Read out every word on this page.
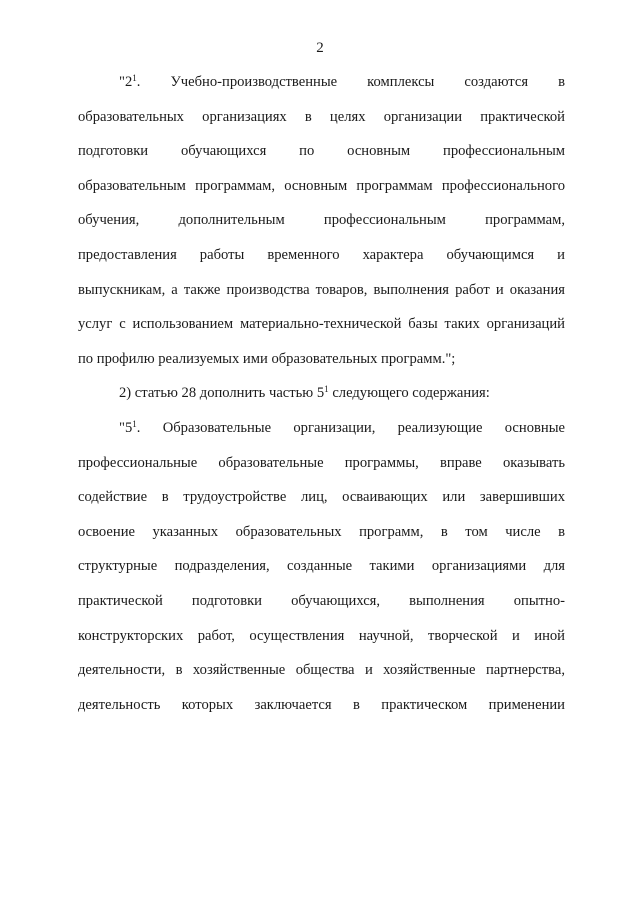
2
"$2^1$. Учебно-производственные комплексы создаются в
образовательных организациях в целях организации практической
подготовки обучающихся по основным профессиональным
образовательным программам, основным программам профессионального
обучения, дополнительным профессиональным программам,
предоставления работы временного характера обучающимся и
выпускникам, а также производства товаров, выполнения работ и оказания
услуг с использованием материально-технической базы таких организаций
по профилю реализуемых ими образовательных программ.";
2) статью 28 дополнить частью $5^1$ следующего содержания:
"$5^1$. Образовательные организации, реализующие основные
профессиональные образовательные программы, вправе оказывать
содействие в трудоустройстве лиц, осваивающих или завершивших
освоение указанных образовательных программ, в том числе в
структурные подразделения, созданные такими организациями для
практической подготовки обучающихся, выполнения опытно-
конструкторских работ, осуществления научной, творческой и иной
деятельности, в хозяйственные общества и хозяйственные партнерства,
деятельность которых заключается в практическом применении
